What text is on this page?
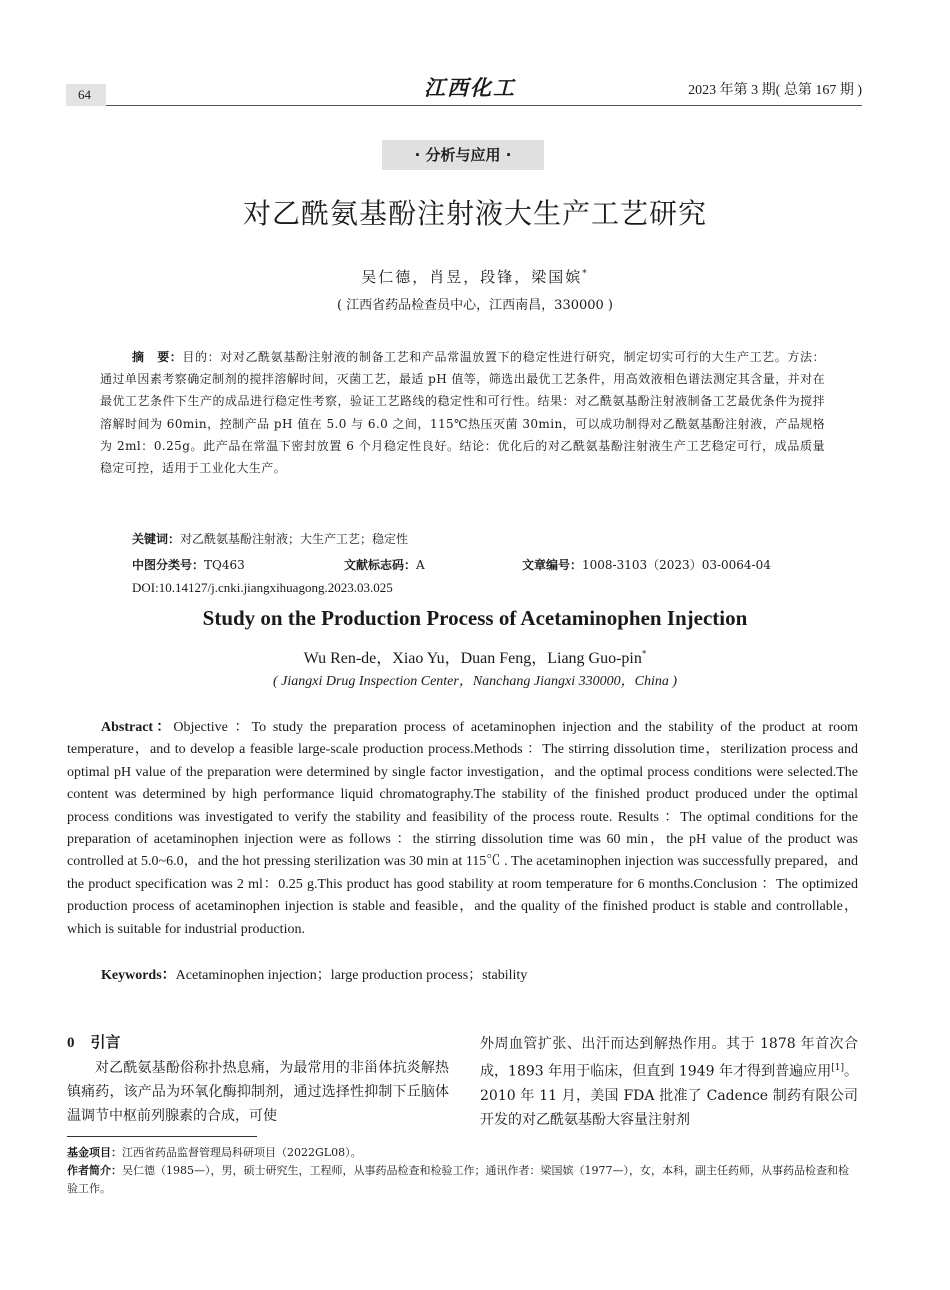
64	江西化工	2023 年第 3 期( 总第 167 期 )
· 分析与应用 ·
对乙酰氨基酚注射液大生产工艺研究
吴仁德，肖昱，段锋，梁国嫔*
( 江西省药品检查员中心，江西南昌，330000 )
摘　要：目的：对对乙酰氨基酚注射液的制备工艺和产品常温放置下的稳定性进行研究，制定切实可行的大生产工艺。方法：通过单因素考察确定制剂的搅拌溶解时间，灭菌工艺，最适 pH 值等，筛选出最优工艺条件，用高效液相色谱法测定其含量，并对在最优工艺条件下生产的成品进行稳定性考察，验证工艺路线的稳定性和可行性。结果：对乙酰氨基酚注射液制备工艺最优条件为搅拌溶解时间为 60min，控制产品 pH 值在 5.0 与 6.0 之间，115℃热压灭菌 30min，可以成功制得对乙酰氨基酚注射液，产品规格为 2ml：0.25g。此产品在常温下密封放置 6 个月稳定性良好。结论：优化后的对乙酰氨基酚注射液生产工艺稳定可行，成品质量稳定可控，适用于工业化大生产。
关键词：对乙酰氨基酚注射液；大生产工艺；稳定性
中图分类号：TQ463	文献标志码：A	文章编号：1008-3103（2023）03-0064-04
DOI:10.14127/j.cnki.jiangxihuagong.2023.03.025
Study on the Production Process of Acetaminophen Injection
Wu Ren-de，Xiao Yu，Duan Feng，Liang Guo-pin*
( Jiangxi Drug Inspection Center，Nanchang Jiangxi 330000，China )
Abstract：Objective ：To study the preparation process of acetaminophen injection and the stability of the product at room temperature，and to develop a feasible large-scale production process.Methods ：The stirring dissolution time，sterilization process and optimal pH value of the preparation were determined by single factor investigation，and the optimal process conditions were selected.The content was determined by high performance liquid chromatography.The stability of the finished product produced under the optimal process conditions was investigated to verify the stability and feasibility of the process route. Results ：The optimal conditions for the preparation of acetaminophen injection were as follows ：the stirring dissolution time was 60 min，the pH value of the product was controlled at 5.0~6.0，and the hot pressing sterilization was 30 min at 115℃ . The acetaminophen injection was successfully prepared，and the product specification was 2 ml：0.25 g.This product has good stability at room temperature for 6 months.Conclusion ：The optimized production process of acetaminophen injection is stable and feasible，and the quality of the finished product is stable and controllable，which is suitable for industrial production.
Keywords：Acetaminophen injection；large production process；stability
0 引言

对乙酰氨基酚俗称扑热息痛，为最常用的非甾体抗炎解热镇痛药，该产品为环氧化酶抑制剂，通过选择性抑制下丘脑体温调节中枢前列腺素的合成，可使

外周血管扩张、出汗而达到解热作用。其于 1878 年首次合成，1893 年用于临床，但直到 1949 年才得到普遍应用[1]。2010 年 11 月，美国 FDA 批准了 Cadence 制药有限公司开发的对乙酰氨基酚大容量注射剂

基金项目：江西省药品监督管理局科研项目（2022GL08）。
作者简介：吴仁德（1985—），男，硕士研究生，工程师，从事药品检查和检验工作；通讯作者：梁国嫔（1977—），女，本科，副主任药师，从事药品检查和检验工作。
